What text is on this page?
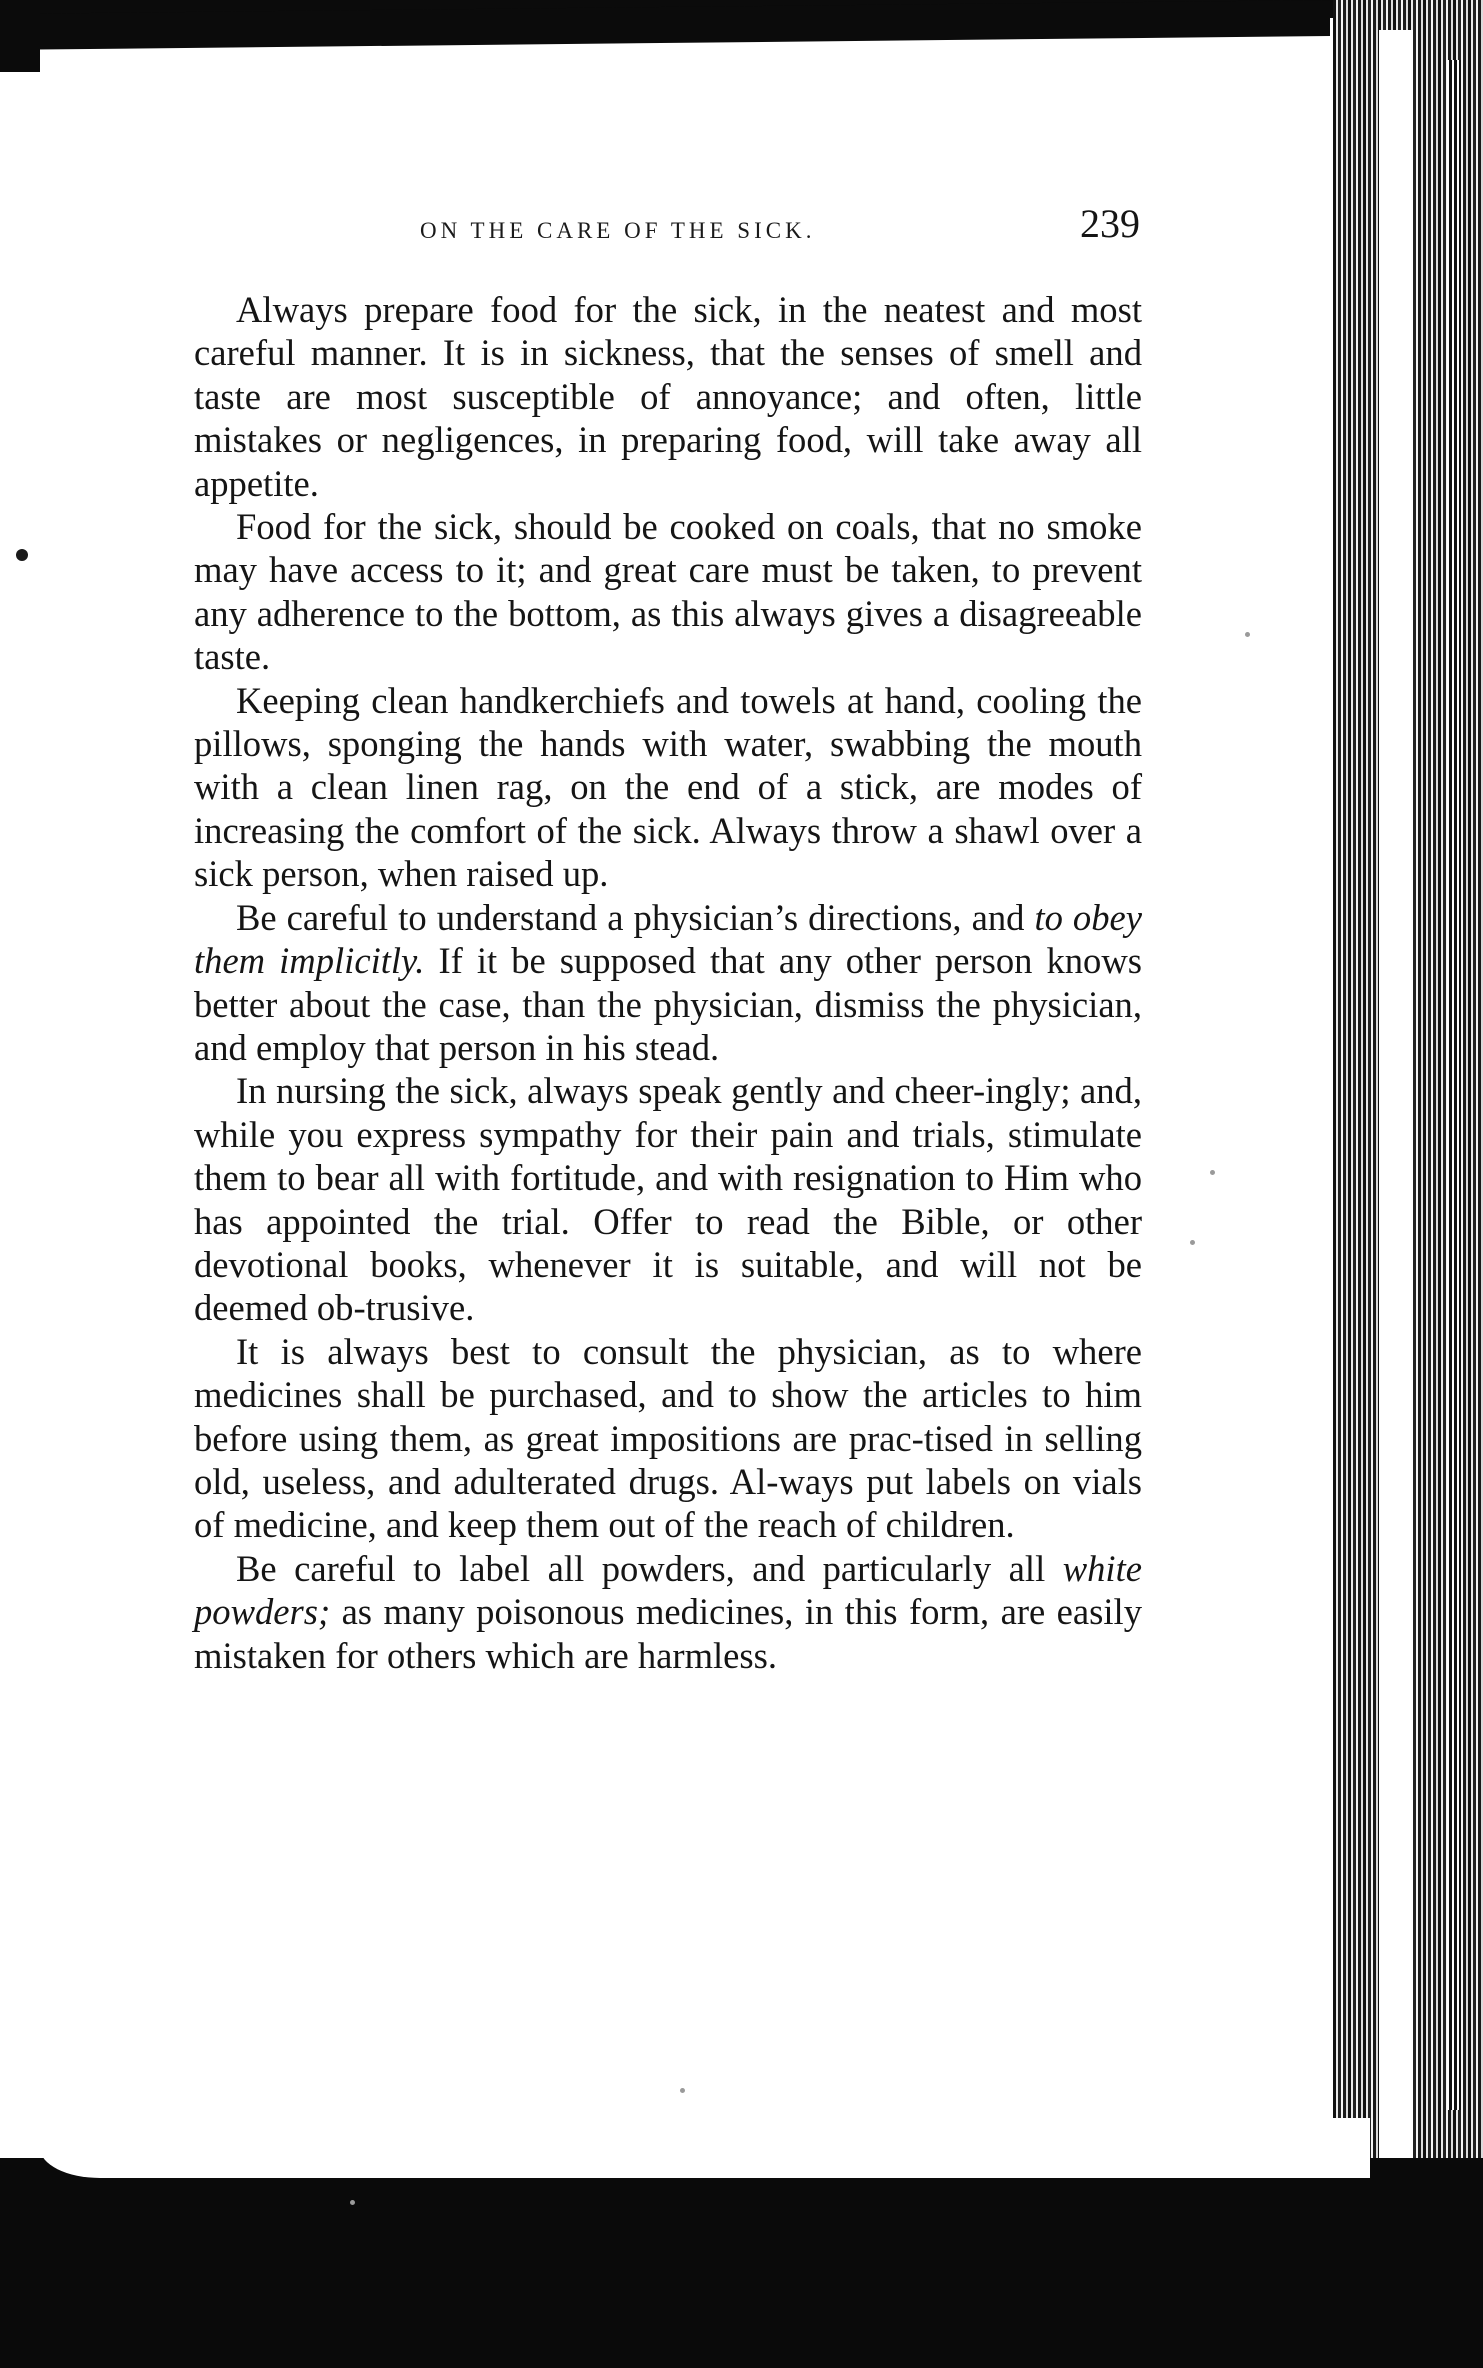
ON THE CARE OF THE SICK.	239

Always prepare food for the sick, in the neatest and most careful manner. It is in sickness, that the senses of smell and taste are most susceptible of annoyance; and often, little mistakes or negligences, in preparing food, will take away all appetite.

Food for the sick, should be cooked on coals, that no smoke may have access to it; and great care must be taken, to prevent any adherence to the bottom, as this always gives a disagreeable taste.

Keeping clean handkerchiefs and towels at hand, cooling the pillows, sponging the hands with water, swabbing the mouth with a clean linen rag, on the end of a stick, are modes of increasing the comfort of the sick. Always throw a shawl over a sick person, when raised up.

Be careful to understand a physician’s directions, and to obey them implicitly. If it be supposed that any other person knows better about the case, than the physician, dismiss the physician, and employ that person in his stead.

In nursing the sick, always speak gently and cheer-ingly; and, while you express sympathy for their pain and trials, stimulate them to bear all with fortitude, and with resignation to Him who has appointed the trial. Offer to read the Bible, or other devotional books, whenever it is suitable, and will not be deemed ob-trusive.

It is always best to consult the physician, as to where medicines shall be purchased, and to show the articles to him before using them, as great impositions are prac-tised in selling old, useless, and adulterated drugs. Al-ways put labels on vials of medicine, and keep them out of the reach of children.

Be careful to label all powders, and particularly all white powders; as many poisonous medicines, in this form, are easily mistaken for others which are harmless.
